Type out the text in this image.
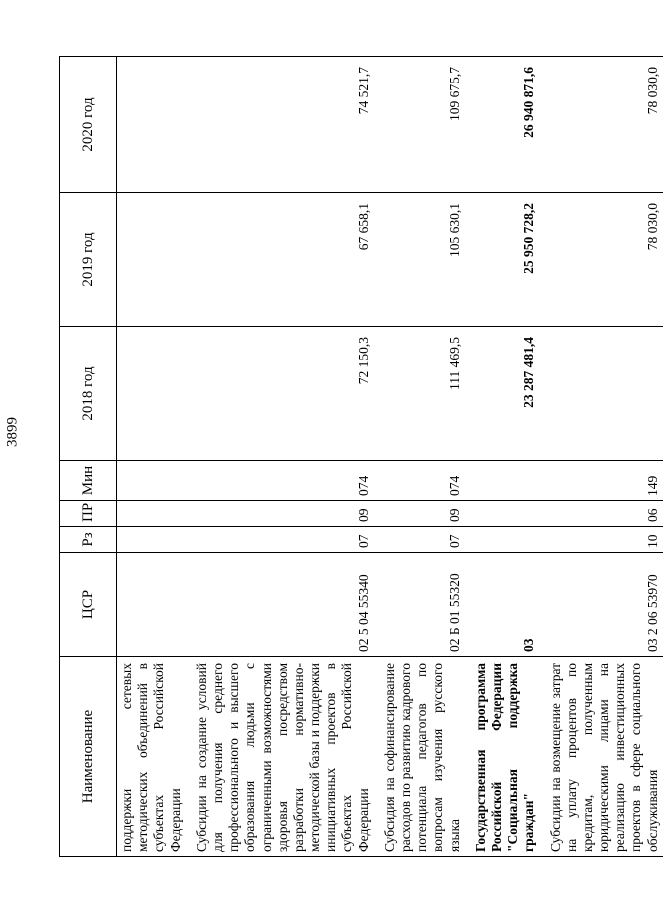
3899
Наименование	ЦСР	Рз	ПР	Мин	2018 год	2019 год	2020 год
поддержки сетевых методических объединений в субъектах Российской Федерации							
Субсидии на создание условий для получения среднего профессионального и высшего образования людьми с ограниченными возможностями здоровья посредством разработки нормативно-методической базы и поддержки инициативных проектов в субъектах Российской Федерации	02 5 04 55340	07	09	074	72 150,3	67 658,1	74 521,7
Субсидия на софинансирование расходов по развитию кадрового потенциала педагогов по вопросам изучения русского языка	02 Б 01 55320	07	09	074	111 469,5	105 630,1	109 675,7
Государственная программа Российской Федерации "Социальная поддержка граждан"	03				23 287 481,4	25 950 728,2	26 940 871,6
Субсидии на возмещение затрат на уплату процентов по кредитам, полученным юридическими лицами на реализацию инвестиционных проектов в сфере социального обслуживания	03 2 06 53970	10	06	149		78 030,0	78 030,0
